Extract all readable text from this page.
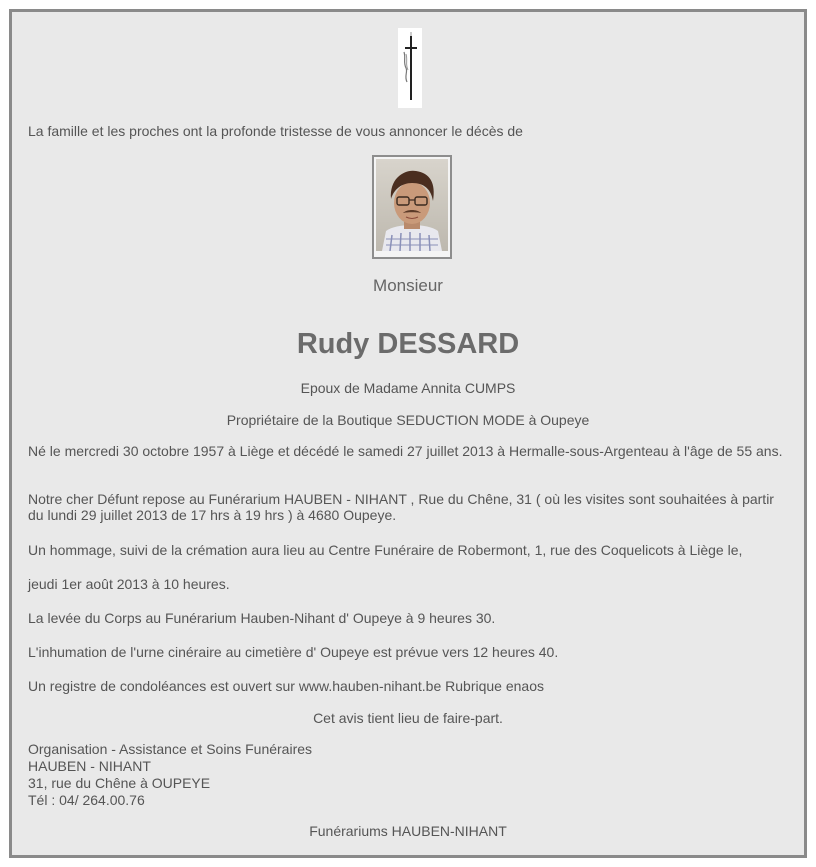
La famille et les proches ont la profonde tristesse de vous annoncer le décès de
Monsieur
Rudy DESSARD
Epoux de Madame Annita CUMPS
Propriétaire de la Boutique SEDUCTION MODE à Oupeye
Né le mercredi 30 octobre 1957 à Liège et décédé le samedi 27 juillet 2013 à Hermalle-sous-Argenteau à l'âge de 55 ans.
Notre cher Défunt repose au Funérarium HAUBEN - NIHANT , Rue du Chêne, 31 ( où les visites sont souhaitées à partir du lundi 29 juillet 2013 de 17 hrs à 19 hrs ) à 4680 Oupeye.
Un hommage, suivi de la crémation aura lieu au Centre Funéraire de Robermont, 1, rue des Coquelicots à Liège le,
jeudi 1er août 2013 à 10 heures.
La levée du Corps au Funérarium Hauben-Nihant d' Oupeye à 9 heures 30.
L'inhumation de l'urne cinéraire au cimetière d' Oupeye est prévue vers 12 heures 40.
Un registre de condoléances est ouvert sur www.hauben-nihant.be Rubrique enaos
Cet avis tient lieu de faire-part.
Organisation - Assistance et Soins Funéraires
HAUBEN - NIHANT
31, rue du Chêne à OUPEYE
Tél : 04/ 264.00.76
Funérariums HAUBEN-NIHANT
